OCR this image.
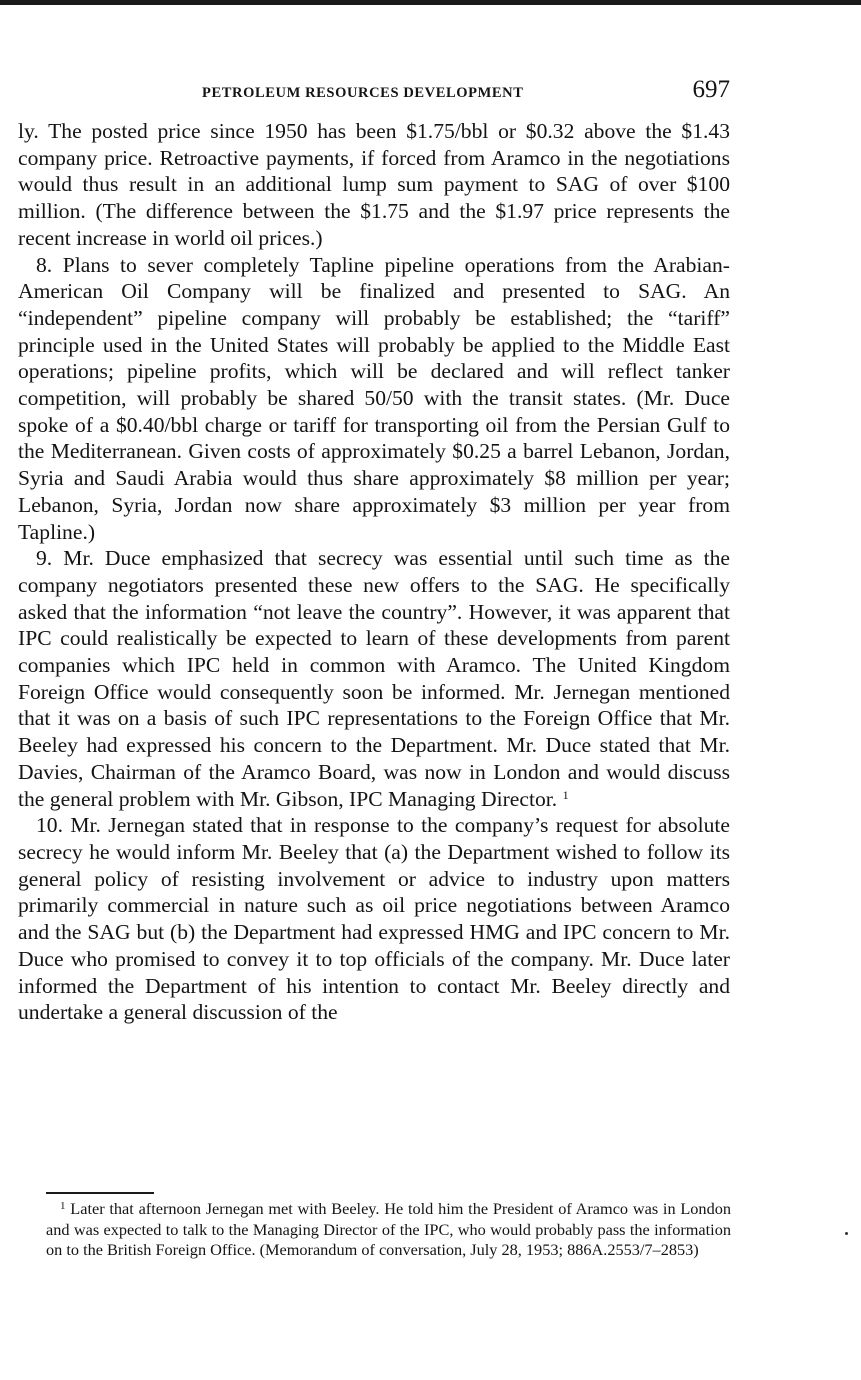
PETROLEUM RESOURCES DEVELOPMENT	697

ly. The posted price since 1950 has been $1.75/bbl or $0.32 above the $1.43 company price. Retroactive payments, if forced from Aramco in the negotiations would thus result in an additional lump sum payment to SAG of over $100 million. (The difference between the $1.75 and the $1.97 price represents the recent increase in world oil prices.)

8. Plans to sever completely Tapline pipeline operations from the Arabian-American Oil Company will be finalized and presented to SAG. An “independent” pipeline company will probably be established; the “tariff” principle used in the United States will probably be applied to the Middle East operations; pipeline profits, which will be declared and will reflect tanker competition, will probably be shared 50/50 with the transit states. (Mr. Duce spoke of a $0.40/bbl charge or tariff for transporting oil from the Persian Gulf to the Mediterranean. Given costs of approximately $0.25 a barrel Lebanon, Jordan, Syria and Saudi Arabia would thus share approximately $8 million per year; Lebanon, Syria, Jordan now share approximately $3 million per year from Tapline.)

9. Mr. Duce emphasized that secrecy was essential until such time as the company negotiators presented these new offers to the SAG. He specifically asked that the information “not leave the country”. However, it was apparent that IPC could realistically be expected to learn of these developments from parent companies which IPC held in common with Aramco. The United Kingdom Foreign Office would consequently soon be informed. Mr. Jernegan mentioned that it was on a basis of such IPC representations to the Foreign Office that Mr. Beeley had expressed his concern to the Department. Mr. Duce stated that Mr. Davies, Chairman of the Aramco Board, was now in London and would discuss the general problem with Mr. Gibson, IPC Managing Director. $^1$

10. Mr. Jernegan stated that in response to the company’s request for absolute secrecy he would inform Mr. Beeley that (a) the Department wished to follow its general policy of resisting involvement or advice to industry upon matters primarily commercial in nature such as oil price negotiations between Aramco and the SAG but (b) the Department had expressed HMG and IPC concern to Mr. Duce who promised to convey it to top officials of the company. Mr. Duce later informed the Department of his intention to contact Mr. Beeley directly and undertake a general discussion of the

$^1$ Later that afternoon Jernegan met with Beeley. He told him the President of Aramco was in London and was expected to talk to the Managing Director of the IPC, who would probably pass the information on to the British Foreign Office. (Memorandum of conversation, July 28, 1953; 886A.2553/7–2853)
